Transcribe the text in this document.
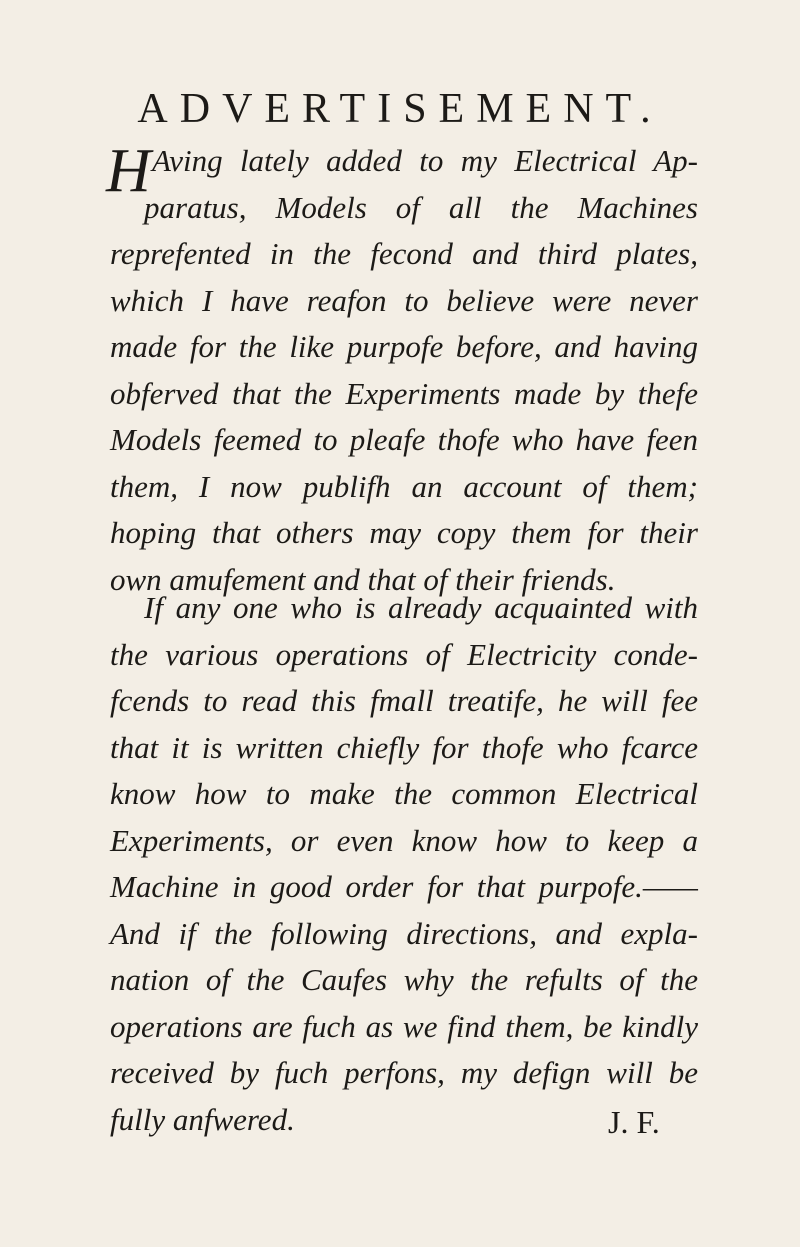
ADVERTISEMENT.
H Aving lately added to my Electrical Ap-
paratus, Models of all the Machines
reprefented in the fecond and third plates,
which I have reafon to believe were never
made for the like purpofe before, and having
obferved that the Experiments made by thefe
Models feemed to pleafe thofe who have feen
them, I now publifh an account of them;
hoping that others may copy them for their
own amufement and that of their friends.
If any one who is already acquainted with
the various operations of Electricity conde-
fcends to read this fmall treatife, he will fee
that it is written chiefly for thofe who fcarce
know how to make the common Electrical
Experiments, or even know how to keep a
Machine in good order for that purpofe.——
And if the following directions, and expla-
nation of the Caufes why the refults of the
operations are fuch as we find them, be kindly
received by fuch perfons, my defign will be
fully anfwered.	J. F.
